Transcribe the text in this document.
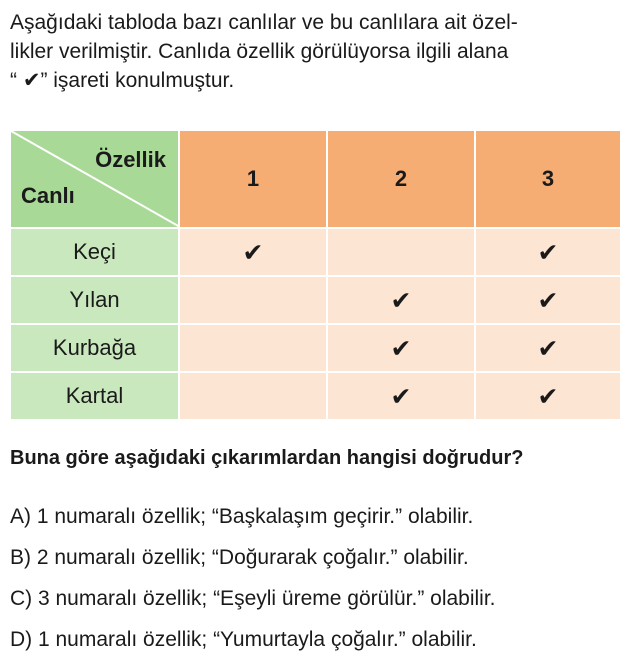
Aşağıdaki tabloda bazı canlılar ve bu canlılara ait özel-

likler verilmiştir. Canlıda özellik görülüyorsa ilgili alana

“ ✔” işareti konulmuştur.

Özellik
Canlı	1	2	3
Keçi	✔		✔
Yılan		✔	✔
Kurbağa		✔	✔
Kartal		✔	✔
Buna göre aşağıdaki çıkarımlardan hangisi doğrudur?
A) 1 numaralı özellik; “Başkalaşım geçirir.” olabilir.
B) 2 numaralı özellik; “Doğurarak çoğalır.” olabilir.
C) 3 numaralı özellik; “Eşeyli üreme görülür.” olabilir.
D) 1 numaralı özellik; “Yumurtayla çoğalır.” olabilir.
